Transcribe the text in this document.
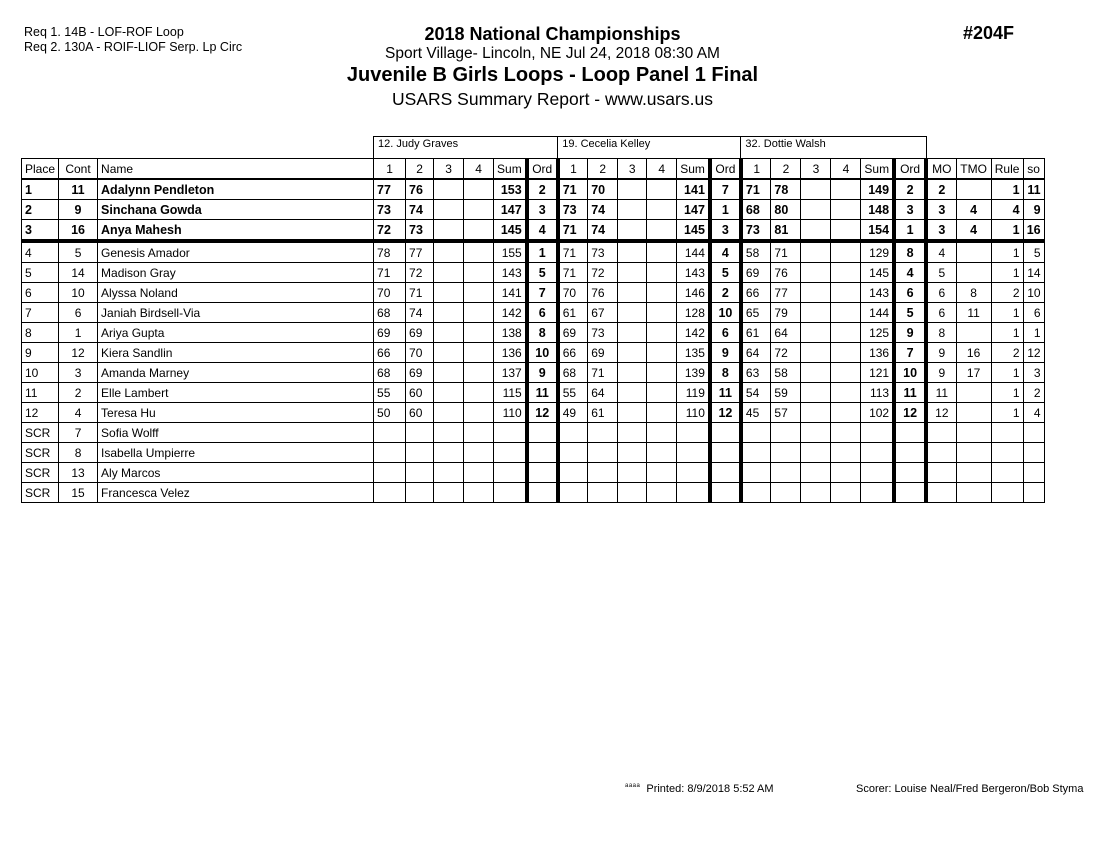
Req 1. 14B - LOF-ROF Loop
Req 2. 130A - ROIF-LIOF Serp. Lp Circ
2018 National Championships
Sport Village- Lincoln, NE Jul 24, 2018 08:30 AM
Juvenile B Girls Loops - Loop Panel 1 Final
USARS Summary Report - www.usars.us
#204F
			12. Judy Graves						19. Cecelia Kelley						32. Dottie Walsh									
Place	Cont	Name	1	2	3	4	Sum	Ord	1	2	3	4	Sum	Ord	1	2	3	4	Sum	Ord	MO	TMO	Rule	so
1	11	Adalynn Pendleton	77	76			153	2	71	70			141	7	71	78			149	2	2		1	11
2	9	Sinchana Gowda	73	74			147	3	73	74			147	1	68	80			148	3	3	4	4	9
3	16	Anya Mahesh	72	73			145	4	71	74			145	3	73	81			154	1	3	4	1	16
4	5	Genesis Amador	78	77			155	1	71	73			144	4	58	71			129	8	4		1	5
5	14	Madison Gray	71	72			143	5	71	72			143	5	69	76			145	4	5		1	14
6	10	Alyssa Noland	70	71			141	7	70	76			146	2	66	77			143	6	6	8	2	10
7	6	Janiah Birdsell-Via	68	74			142	6	61	67			128	10	65	79			144	5	6	11	1	6
8	1	Ariya Gupta	69	69			138	8	69	73			142	6	61	64			125	9	8		1	1
9	12	Kiera Sandlin	66	70			136	10	66	69			135	9	64	72			136	7	9	16	2	12
10	3	Amanda Marney	68	69			137	9	68	71			139	8	63	58			121	10	9	17	1	3
11	2	Elle Lambert	55	60			115	11	55	64			119	11	54	59			113	11	11		1	2
12	4	Teresa Hu	50	60			110	12	49	61			110	12	45	57			102	12	12		1	4
SCR	7	Sofia Wolff																						
SCR	8	Isabella Umpierre																						
SCR	13	Aly Marcos																						
SCR	15	Francesca Velez																						
$^{aaaa}$ Printed: 8/9/2018 5:52 AM	Scorer: Louise Neal/Fred Bergeron/Bob Styma
